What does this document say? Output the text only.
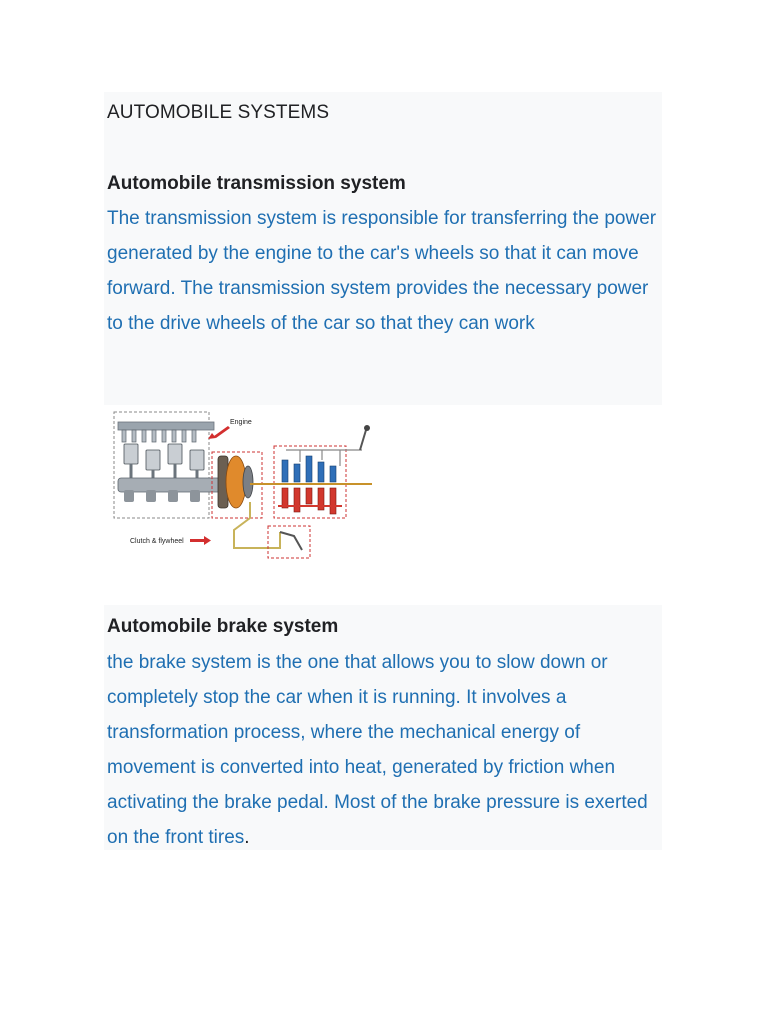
AUTOMOBILE SYSTEMS
Automobile transmission system
The transmission system is responsible for transferring the power generated by the engine to the car's wheels so that it can move forward. The transmission system provides the necessary power to the drive wheels of the car so that they can work
Engine
Clutch & flywheel
Automobile brake system
the brake system is the one that allows you to slow down or completely stop the car when it is running. It involves a transformation process, where the mechanical energy of movement is converted into heat, generated by friction when activating the brake pedal. Most of the brake pressure is exerted on the front tires.
